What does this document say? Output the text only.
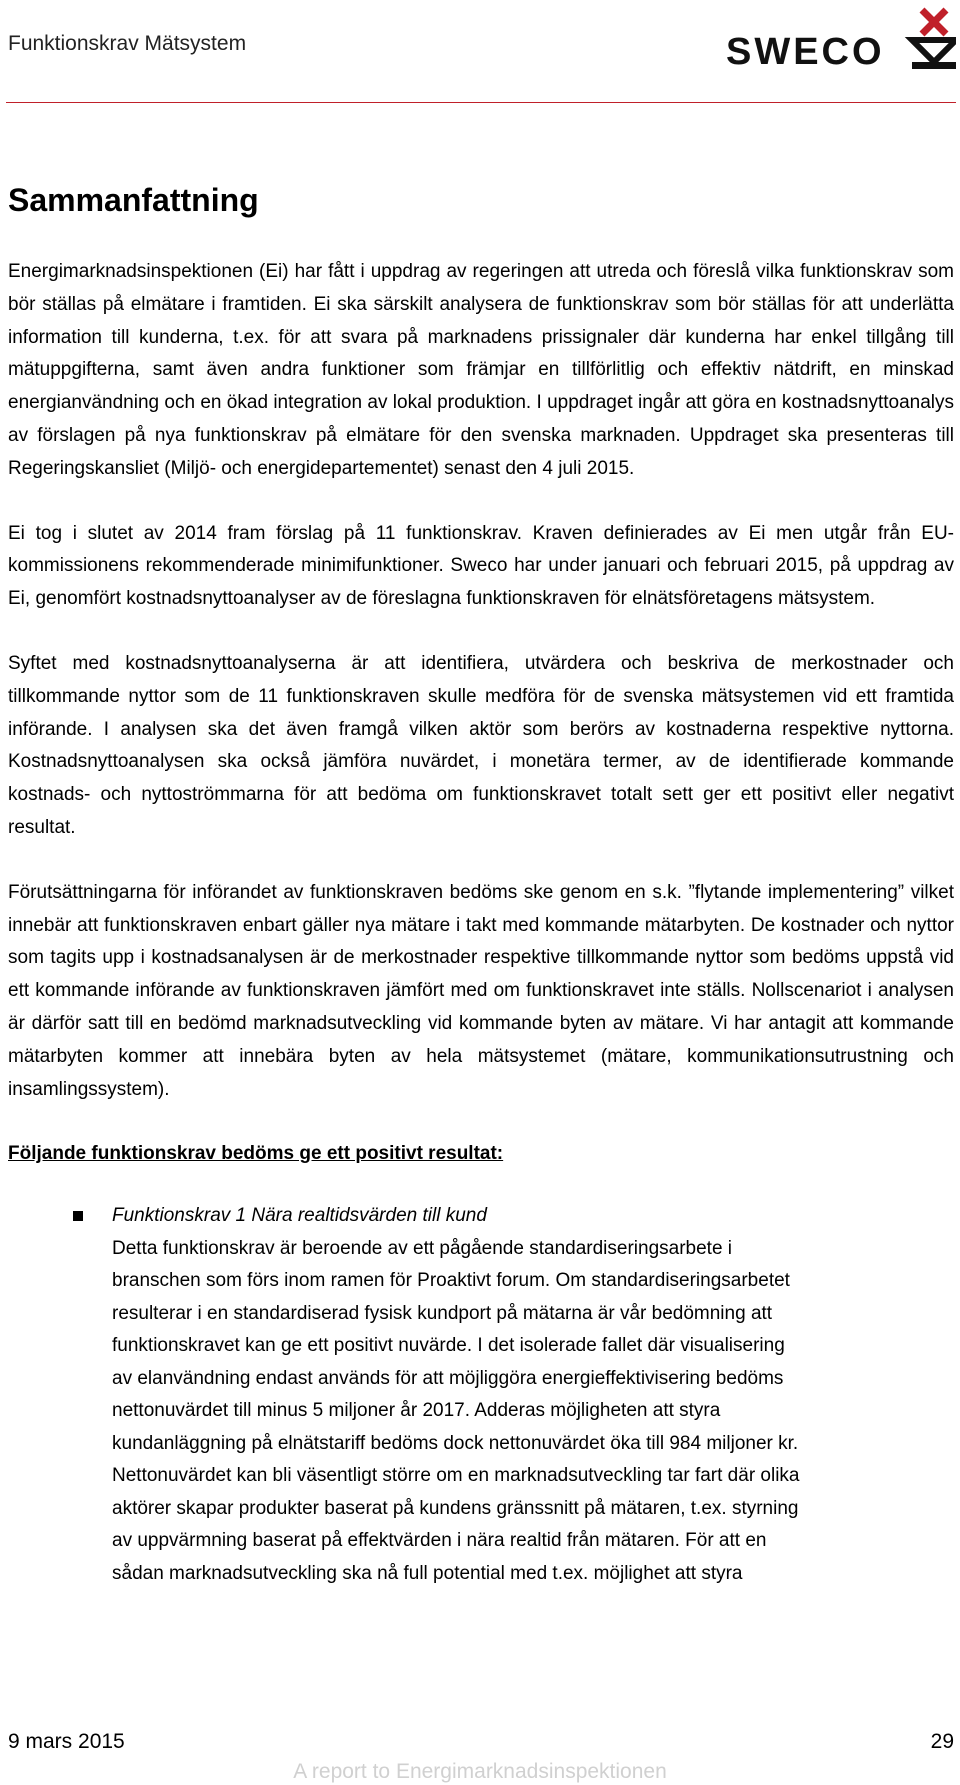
Funktionskrav Mätsystem	SWECO
Sammanfattning

Energimarknadsinspektionen (Ei) har fått i uppdrag av regeringen att utreda och föreslå vilka funktionskrav som bör ställas på elmätare i framtiden. Ei ska särskilt analysera de funktionskrav som bör ställas för att underlätta information till kunderna, t.ex. för att svara på marknadens prissignaler där kunderna har enkel tillgång till mätuppgifterna, samt även andra funktioner som främjar en tillförlitlig och effektiv nätdrift, en minskad energianvändning och en ökad integration av lokal produktion. I uppdraget ingår att göra en kostnadsnyttoanalys av förslagen på nya funktionskrav på elmätare för den svenska marknaden. Uppdraget ska presenteras till Regeringskansliet (Miljö- och energidepartementet) senast den 4 juli 2015.

Ei tog i slutet av 2014 fram förslag på 11 funktionskrav. Kraven definierades av Ei men utgår från EU-kommissionens rekommenderade minimifunktioner. Sweco har under januari och februari 2015, på uppdrag av Ei, genomfört kostnadsnyttoanalyser av de föreslagna funktionskraven för elnätsföretagens mätsystem.

Syftet med kostnadsnyttoanalyserna är att identifiera, utvärdera och beskriva de merkostnader och tillkommande nyttor som de 11 funktionskraven skulle medföra för de svenska mätsystemen vid ett framtida införande. I analysen ska det även framgå vilken aktör som berörs av kostnaderna respektive nyttorna. Kostnadsnyttoanalysen ska också jämföra nuvärdet, i monetära termer, av de identifierade kommande kostnads- och nyttoströmmarna för att bedöma om funktionskravet totalt sett ger ett positivt eller negativt resultat.

Förutsättningarna för införandet av funktionskraven bedöms ske genom en s.k. ”flytande implementering” vilket innebär att funktionskraven enbart gäller nya mätare i takt med kommande mätarbyten. De kostnader och nyttor som tagits upp i kostnadsanalysen är de merkostnader respektive tillkommande nyttor som bedöms uppstå vid ett kommande införande av funktionskraven jämfört med om funktionskravet inte ställs. Nollscenariot i analysen är därför satt till en bedömd marknadsutveckling vid kommande byten av mätare. Vi har antagit att kommande mätarbyten kommer att innebära byten av hela mätsystemet (mätare, kommunikationsutrustning och insamlingssystem).

Följande funktionskrav bedöms ge ett positivt resultat:
Funktionskrav 1 Nära realtidsvärden till kund
Detta funktionskrav är beroende av ett pågående standardiseringsarbete i
branschen som förs inom ramen för Proaktivt forum. Om standardiseringsarbetet
resulterar i en standardiserad fysisk kundport på mätarna är vår bedömning att
funktionskravet kan ge ett positivt nuvärde. I det isolerade fallet där visualisering
av elanvändning endast används för att möjliggöra energieffektivisering bedöms
nettonuvärdet till minus 5 miljoner år 2017. Adderas möjligheten att styra
kundanläggning på elnätstariff bedöms dock nettonuvärdet öka till 984 miljoner kr.
Nettonuvärdet kan bli väsentligt större om en marknadsutveckling tar fart där olika
aktörer skapar produkter baserat på kundens gränssnitt på mätaren, t.ex. styrning
av uppvärmning baserat på effektvärden i nära realtid från mätaren. För att en
sådan marknadsutveckling ska nå full potential med t.ex. möjlighet att styra
9 mars 2015	29
A report to Energimarknadsinspektionen
